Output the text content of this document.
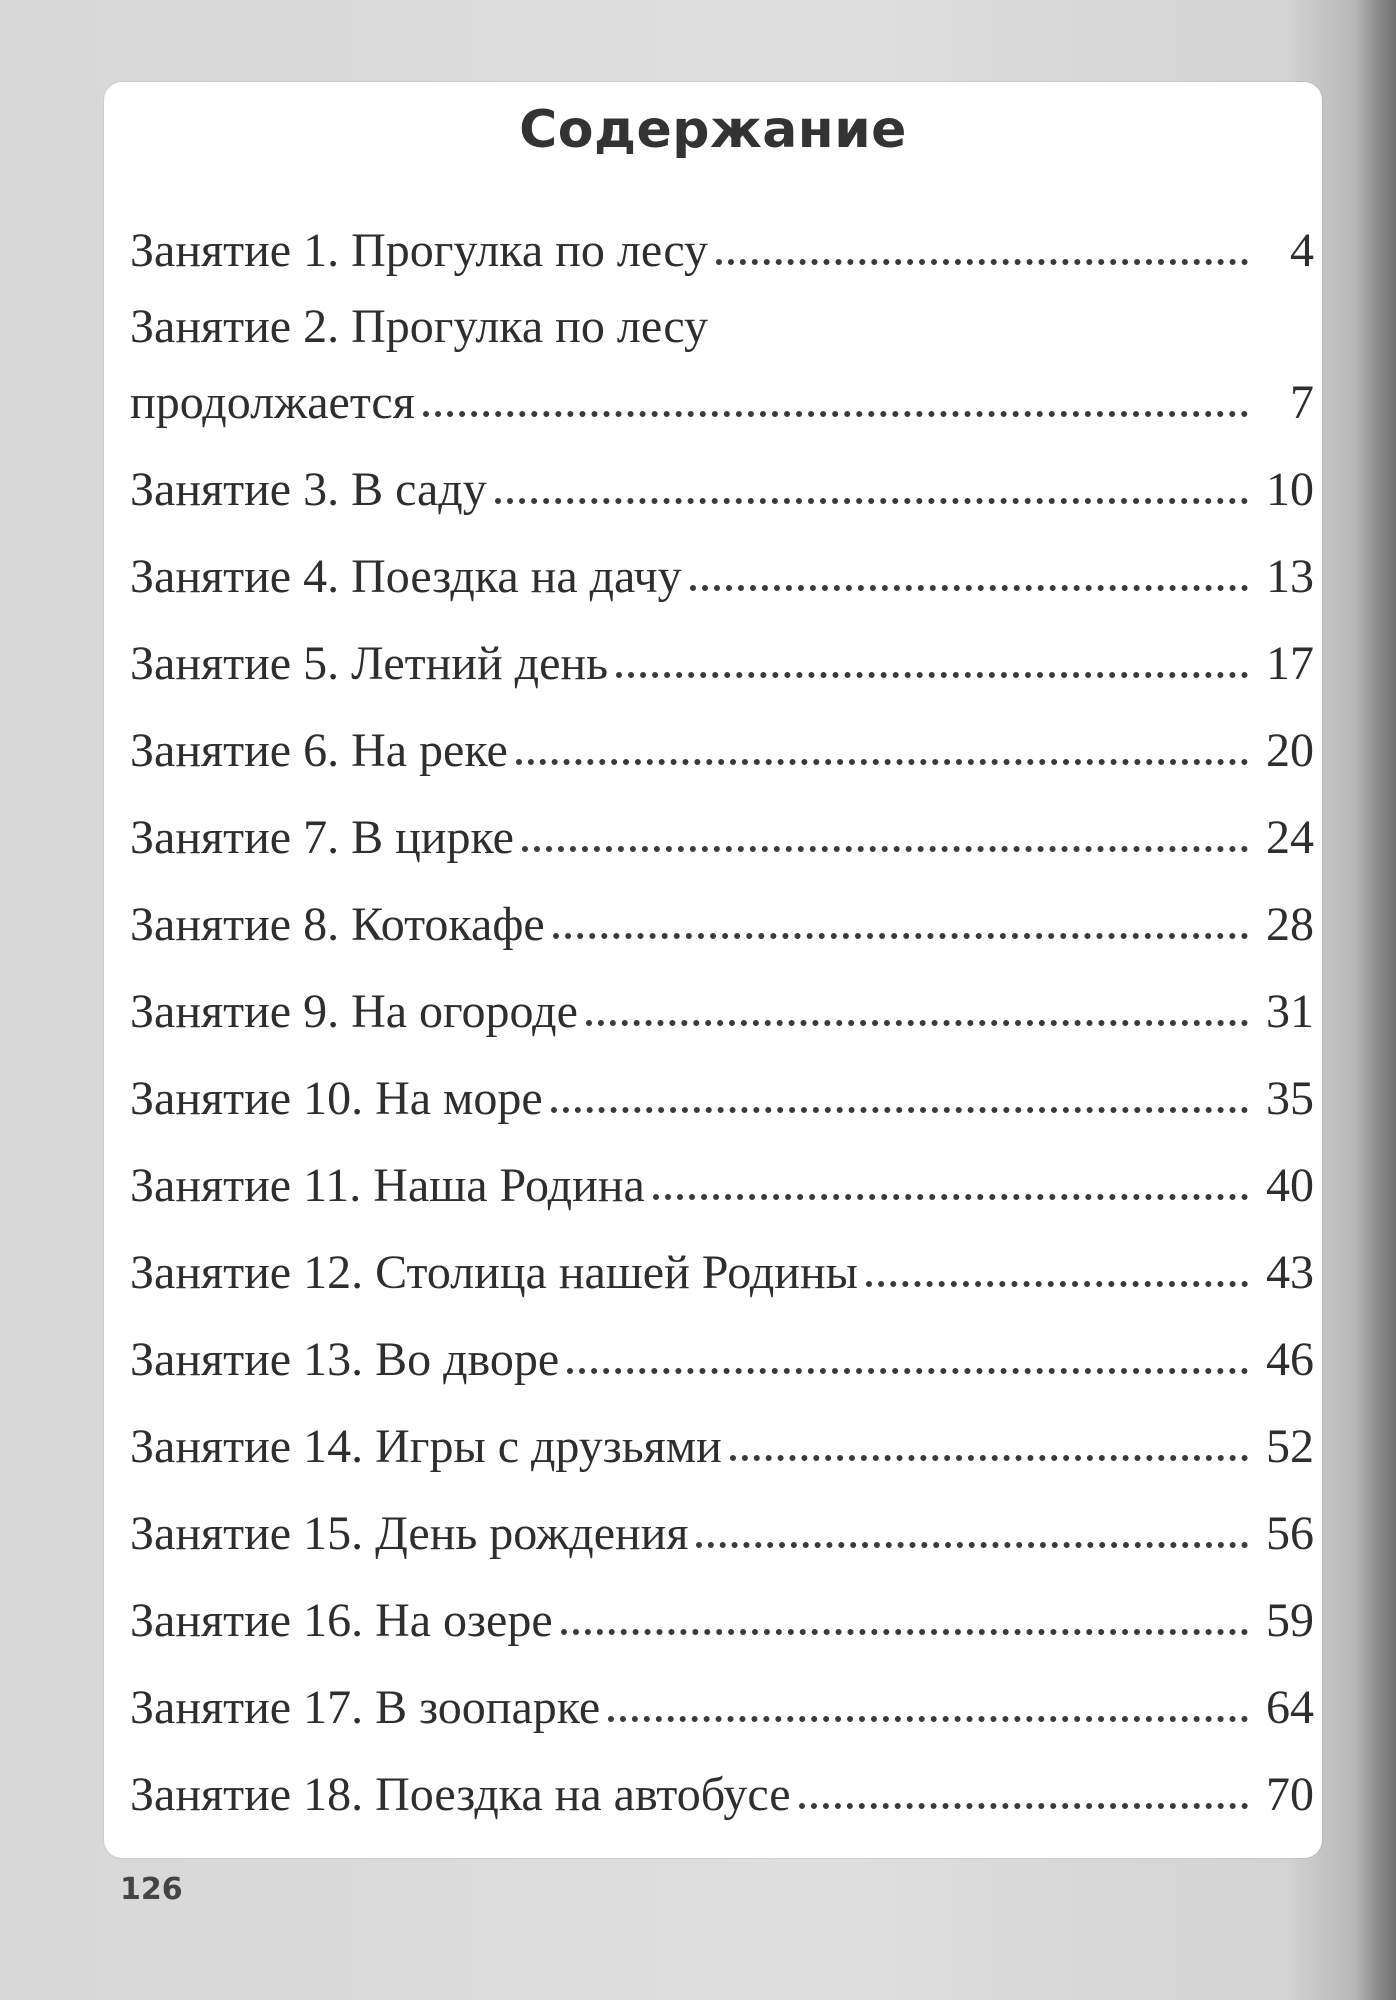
Содержание
Занятие 1. Прогулка по лесу	4
Занятие 2. Прогулка по лесу
продолжается	7
Занятие 3. В саду	10
Занятие 4. Поездка на дачу	13
Занятие 5. Летний день	17
Занятие 6. На реке	20
Занятие 7. В цирке	24
Занятие 8. Котокафе	28
Занятие 9. На огороде	31
Занятие 10. На море	35
Занятие 11. Наша Родина	40
Занятие 12. Столица нашей Родины	43
Занятие 13. Во дворе	46
Занятие 14. Игры с друзьями	52
Занятие 15. День рождения	56
Занятие 16. На озере	59
Занятие 17. В зоопарке	64
Занятие 18. Поездка на автобусе	70
126
